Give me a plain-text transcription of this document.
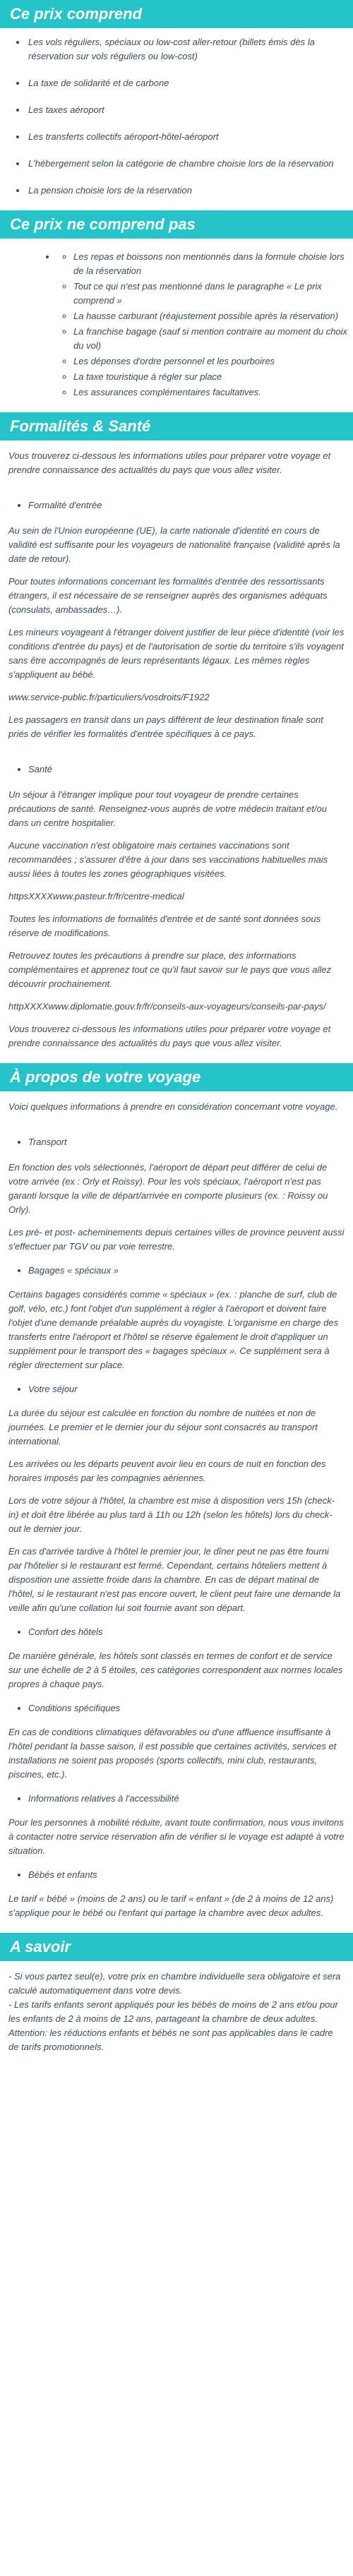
Ce prix comprend
• Les vols réguliers, spéciaux ou low-cost aller-retour (billets émis dès la réservation sur vols réguliers ou low-cost)
• La taxe de solidarité et de carbone
• Les taxes aéroport
• Les transferts collectifs aéroport-hôtel-aéroport
• L'hébergement selon la catégorie de chambre choisie lors de la réservation
• La pension choisie lors de la réservation
Ce prix ne comprend pas
◦ • Les repas et boissons non mentionnés dans la formule choisie lors de la réservation
◦ Tout ce qui n'est pas mentionné dans le paragraphe « Le prix comprend »
◦ La hausse carburant (réajustement possible après la réservation)
◦ La franchise bagage (sauf si mention contraire au moment du choix du vol)
◦ Les dépenses d'ordre personnel et les pourboires
◦ La taxe touristique à régler sur place
◦ Les assurances complémentaires facultatives.
Formalités & Santé

Vous trouverez ci-dessous les informations utiles pour préparer votre voyage et prendre connaissance des actualités du pays que vous allez visiter.

Formalité d'entrée

Au sein de l'Union européenne (UE), la carte nationale d'identité en cours de validité est suffisante pour les voyageurs de nationalité française (validité après la date de retour).

Pour toutes informations concernant les formalités d'entrée des ressortissants étrangers, il est nécessaire de se renseigner auprès des organismes adéquats (consulats, ambassades…).

Les mineurs voyageant à l'étranger doivent justifier de leur pièce d'identité (voir les conditions d'entrée du pays) et de l'autorisation de sortie du territoire s'ils voyagent sans être accompagnés de leurs représentants légaux. Les mêmes règles s'appliquent au bébé.

www.service-public.fr/particuliers/vosdroits/F1922

Les passagers en transit dans un pays différent de leur destination finale sont priés de vérifier les formalités d'entrée spécifiques à ce pays.

Santé

Un séjour à l'étranger implique pour tout voyageur de prendre certaines précautions de santé. Renseignez-vous auprès de votre médecin traitant et/ou dans un centre hospitalier.

Aucune vaccination n'est obligatoire mais certaines vaccinations sont recommandées ; s'assurer d'être à jour dans ses vaccinations habituelles mais aussi liées à toutes les zones géographiques visitées.

httpsXXXXwww.pasteur.fr/fr/centre-medical

Toutes les informations de formalités d'entrée et de santé sont données sous réserve de modifications.

Retrouvez toutes les précautions à prendre sur place, des informations complémentaires et apprenez tout ce qu'il faut savoir sur le pays que vous allez découvrir prochainement.

httpXXXXwww.diplomatie.gouv.fr/fr/conseils-aux-voyageurs/conseils-par-pays/

Vous trouverez ci-dessous les informations utiles pour préparer votre voyage et prendre connaissance des actualités du pays que vous allez visiter.

À propos de votre voyage

Voici quelques informations à prendre en considération concernant votre voyage.

Transport

En fonction des vols sélectionnés, l'aéroport de départ peut différer de celui de votre arrivée (ex : Orly et Roissy). Pour les vols spéciaux, l'aéroport n'est pas garanti lorsque la ville de départ/arrivée en comporte plusieurs (ex. : Roissy ou Orly).

Les pré- et post- acheminements depuis certaines villes de province peuvent aussi s'effectuer par TGV ou par voie terrestre.

Bagages « spéciaux »

Certains bagages considérés comme « spéciaux » (ex. : planche de surf, club de golf, vélo, etc.) font l'objet d'un supplément à régler à l'aéroport et doivent faire l'objet d'une demande préalable auprès du voyagiste. L'organisme en charge des transferts entre l'aéroport et l'hôtel se réserve également le droit d'appliquer un supplément pour le transport des « bagages spéciaux ». Ce supplément sera à régler directement sur place.

Votre séjour

La durée du séjour est calculée en fonction du nombre de nuitées et non de journées. Le premier et le dernier jour du séjour sont consacrés au transport international.

Les arrivées ou les départs peuvent avoir lieu en cours de nuit en fonction des horaires imposés par les compagnies aériennes.

Lors de votre séjour à l'hôtel, la chambre est mise à disposition vers 15h (check-in) et doit être libérée au plus tard à 11h ou 12h (selon les hôtels) lors du check-out le dernier jour.

En cas d'arrivée tardive à l'hôtel le premier jour, le dîner peut ne pas être fourni par l'hôtelier si le restaurant est fermé. Cependant, certains hôteliers mettent à disposition une assiette froide dans la chambre. En cas de départ matinal de l'hôtel, si le restaurant n'est pas encore ouvert, le client peut faire une demande la veille afin qu'une collation lui soit fournie avant son départ.

Confort des hôtels

De manière générale, les hôtels sont classés en termes de confort et de service sur une échelle de 2 à 5 étoiles, ces catégories correspondent aux normes locales propres à chaque pays.

Conditions spécifiques

En cas de conditions climatiques défavorables ou d'une affluence insuffisante à l'hôtel pendant la basse saison, il est possible que certaines activités, services et installations ne soient pas proposés (sports collectifs, mini club, restaurants, piscines, etc.).

Informations relatives à l'accessibilité

Pour les personnes à mobilité réduite, avant toute confirmation, nous vous invitons à contacter notre service réservation afin de vérifier si le voyage est adapté à votre situation.

Bébés et enfants

Le tarif « bébé » (moins de 2 ans) ou le tarif « enfant » (de 2 à moins de 12 ans) s'applique pour le bébé ou l'enfant qui partage la chambre avec deux adultes.

A savoir

- Si vous partez seul(e), votre prix en chambre individuelle sera obligatoire et sera calculé automatiquement dans votre devis.
- Les tarifs enfants seront appliqués pour les bébés de moins de 2 ans et/ou pour les enfants de 2 à moins de 12 ans, partageant la chambre de deux adultes. Attention: les réductions enfants et bébés ne sont pas applicables dans le cadre de tarifs promotionnels.
